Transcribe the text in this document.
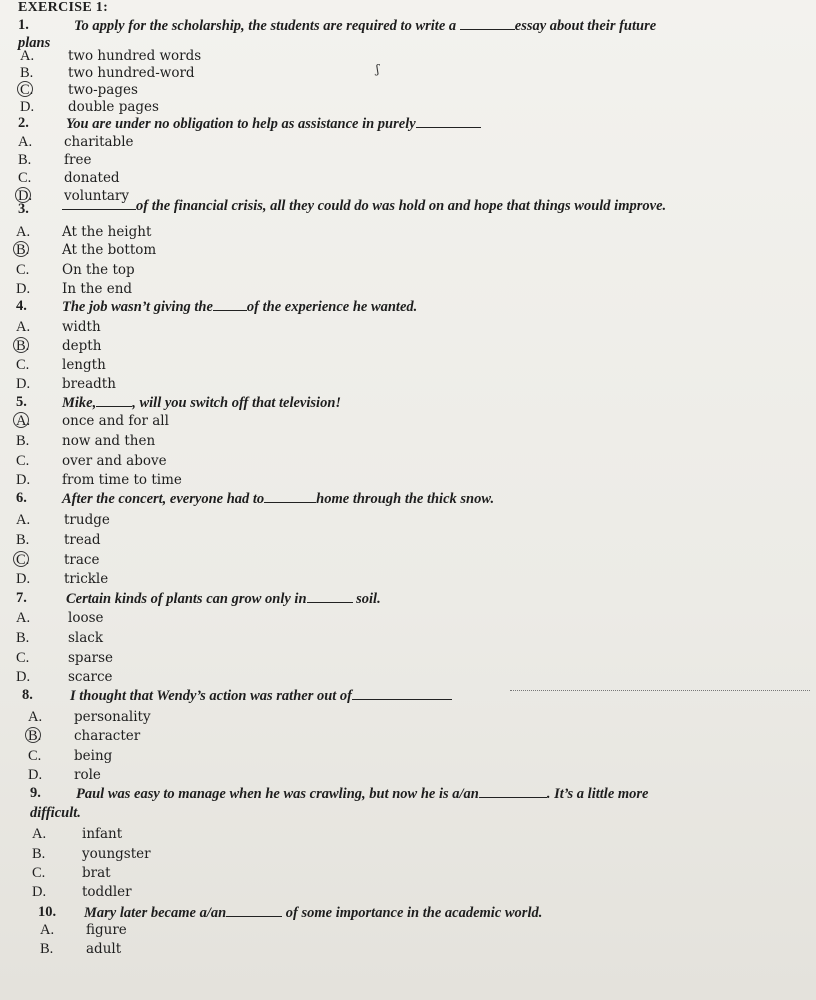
EXERCISE 1:
1.	To apply for the scholarship, the students are required to write a	essay about their future
plans
A.	two hundred words
B.	two hundred-word
C.	two-pages
D.	double pages
ʃ
2.	You are under no obligation to help as assistance in purely
A. charitable
B. free
C. donated
D. voluntary
3.	of the financial crisis, all they could do was hold on and hope that things would improve.
A. At the height
B. At the bottom
C. On the top
D. In the end
4. The job wasn’t giving the of the experience he wanted.
A. width
B. depth
C. length
D. breadth
5. Mike, , will you switch off that television!
A. once and for all
B. now and then
C. over and above
D. from time to time
6. After the concert, everyone had to	home through the thick snow.
A.	trudge
B.	tread
C.	trace
D.	trickle
7.	Certain kinds of plants can grow only in	soil.
A.	loose
B.	slack
C.	sparse
D.	scarce
8.	I thought that Wendy’s action was rather out of
A. personality
B. character
C. being
D. role
9. Paul was easy to manage when he was crawling, but now he is a/an	. It’s a little more
difficult.
A.	infant
B.	youngster
C.	brat
D.	toddler
10. Mary later became a/an	of some importance in the academic world.
A. figure
B. adult
